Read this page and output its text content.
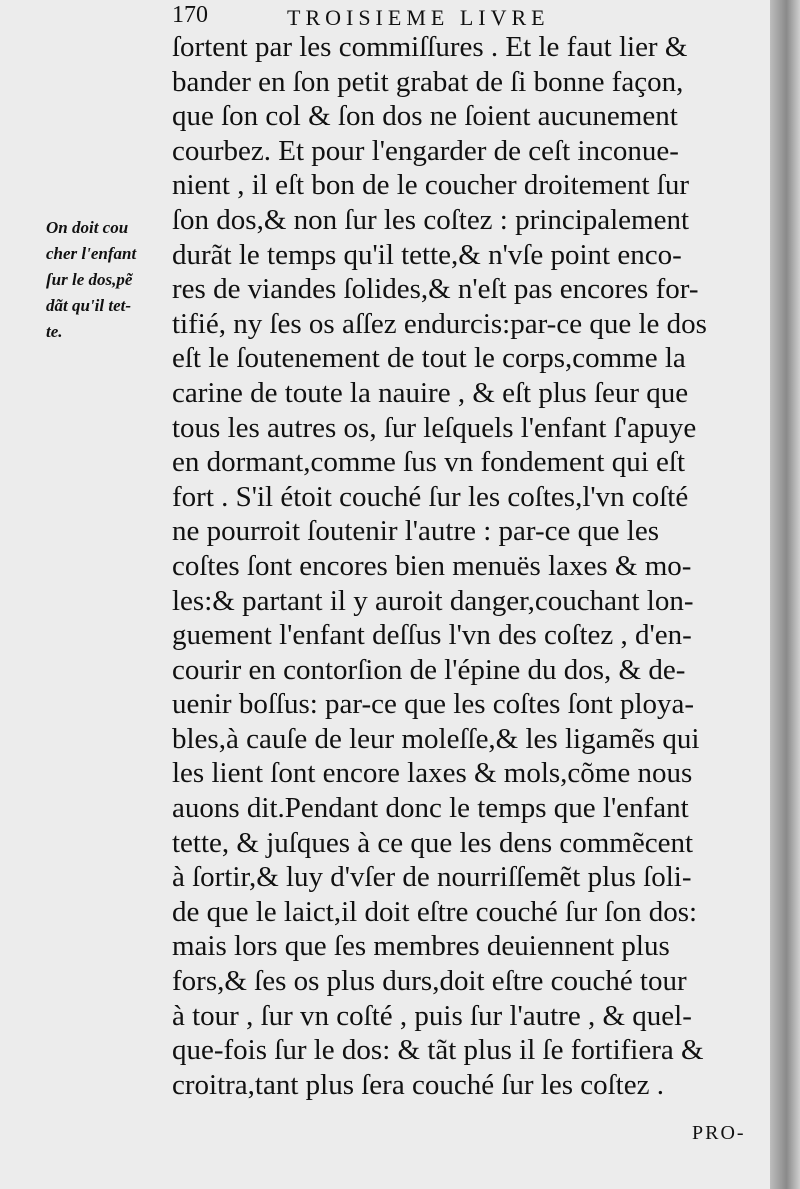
170	TROISIEME LIVRE
On doit cou
cher l'enfant
ſur le dos,pẽ
dãt qu'il tet-
te.
ſortent par les commiſſures . Et le faut lier &
bander en ſon petit grabat de ſi bonne façon,
que ſon col & ſon dos ne ſoient aucunement
courbez. Et pour l'engarder de ceſt inconue-
nient , il eſt bon de le coucher droitement ſur
ſon dos,& non ſur les coſtez : principalement
durãt le temps qu'il tette,& n'vſe point enco-
res de viandes ſolides,& n'eſt pas encores for-
tifié, ny ſes os aſſez endurcis:par-ce que le dos
eſt le ſoutenement de tout le corps,comme la
carine de toute la nauire , & eſt plus ſeur que
tous les autres os, ſur leſquels l'enfant ſ'apuye
en dormant,comme ſus vn fondement qui eſt
fort . S'il étoit couché ſur les coſtes,l'vn coſté
ne pourroit ſoutenir l'autre : par-ce que les
coſtes ſont encores bien menuës laxes & mo-
les:& partant il y auroit danger,couchant lon-
guement l'enfant deſſus l'vn des coſtez , d'en-
courir en contorſion de l'épine du dos, & de-
uenir boſſus: par-ce que les coſtes ſont ploya-
bles,à cauſe de leur moleſſe,& les ligamẽs qui
les lient ſont encore laxes & mols,cõme nous
auons dit.Pendant donc le temps que l'enfant
tette, & juſques à ce que les dens commẽcent
à ſortir,& luy d'vſer de nourriſſemẽt plus ſoli-
de que le laict,il doit eſtre couché ſur ſon dos:
mais lors que ſes membres deuiennent plus
fors,& ſes os plus durs,doit eſtre couché tour
à tour , ſur vn coſté , puis ſur l'autre , & quel-
que-fois ſur le dos: & tãt plus il ſe fortifiera &
croitra,tant plus ſera couché ſur les coſtez .
PRO-
